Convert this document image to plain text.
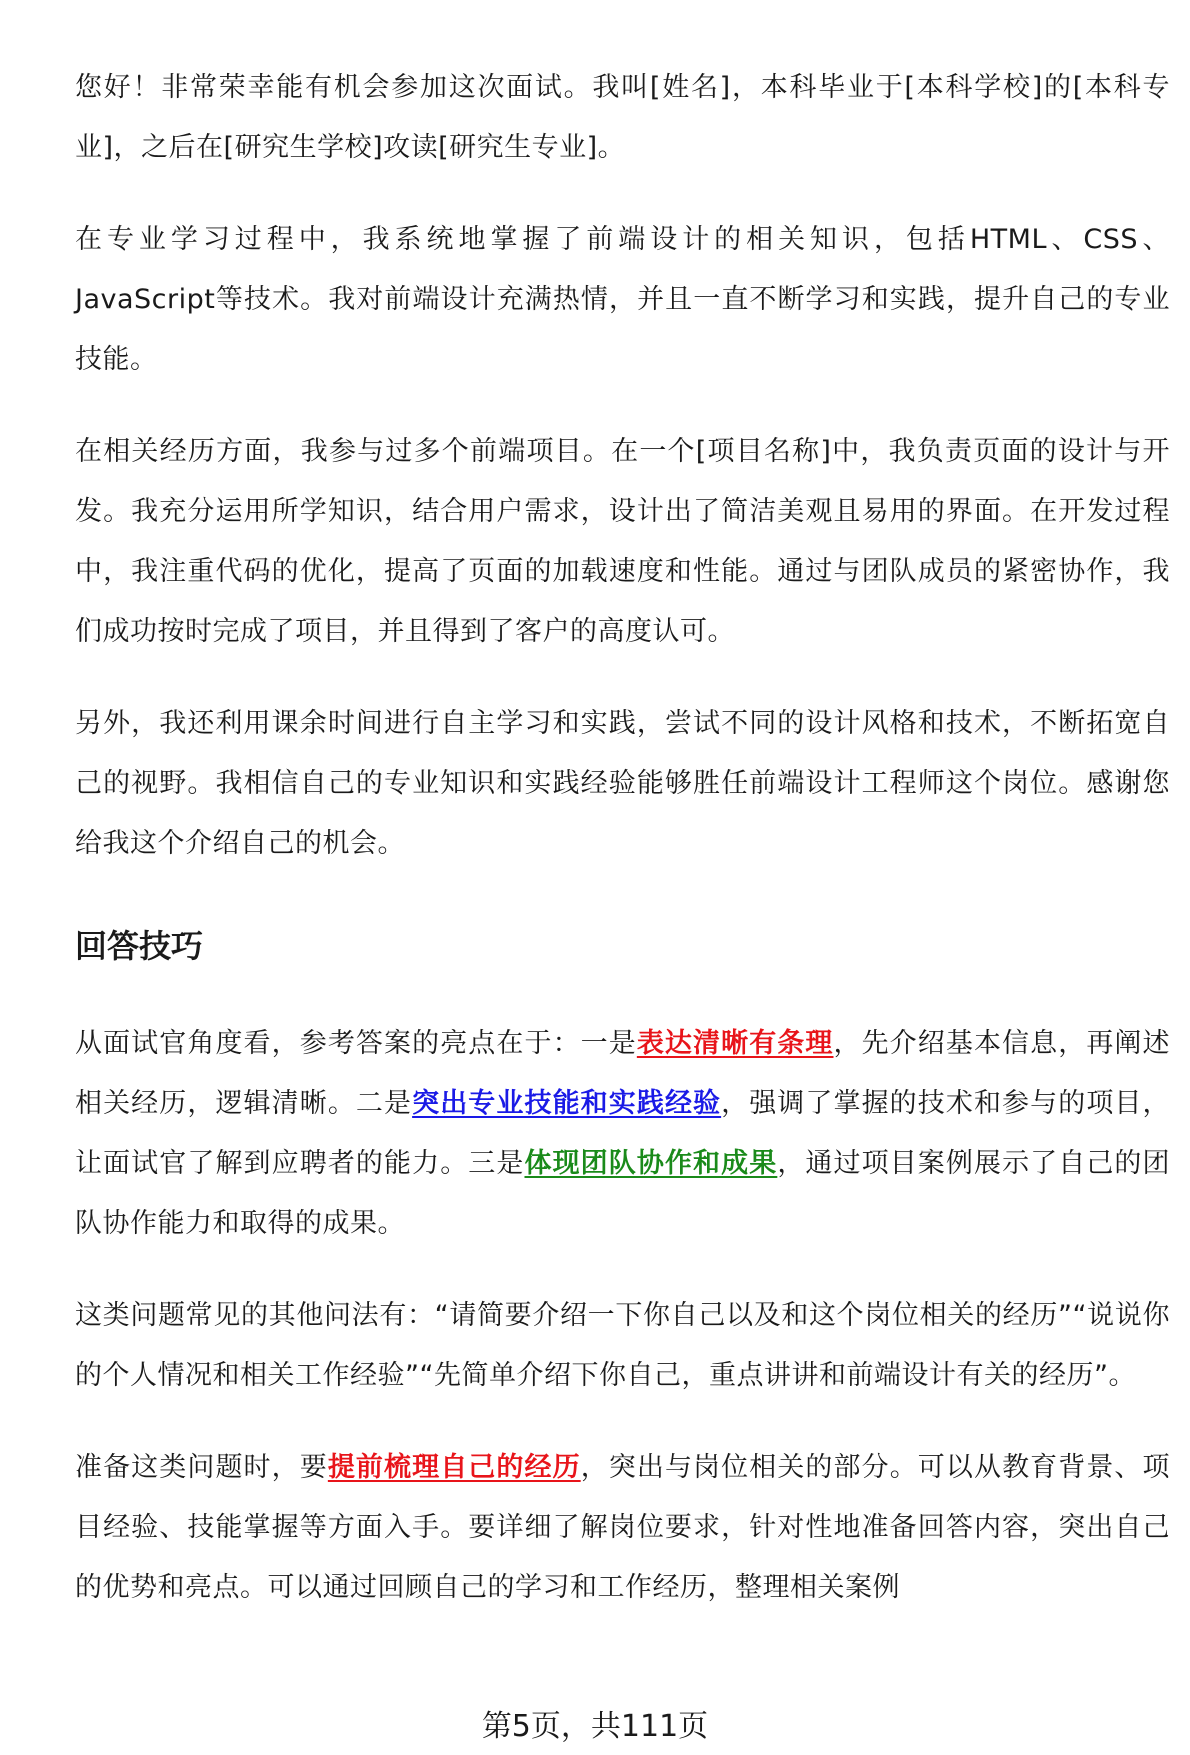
您好！非常荣幸能有机会参加这次面试。我叫[姓名]，本科毕业于[本科学校]的[本科专业]，之后在[研究生学校]攻读[研究生专业]。

在专业学习过程中，我系统地掌握了前端设计的相关知识，包括HTML、CSS、JavaScript等技术。我对前端设计充满热情，并且一直不断学习和实践，提升自己的专业技能。

在相关经历方面，我参与过多个前端项目。在一个[项目名称]中，我负责页面的设计与开发。我充分运用所学知识，结合用户需求，设计出了简洁美观且易用的界面。在开发过程中，我注重代码的优化，提高了页面的加载速度和性能。通过与团队成员的紧密协作，我们成功按时完成了项目，并且得到了客户的高度认可。

另外，我还利用课余时间进行自主学习和实践，尝试不同的设计风格和技术，不断拓宽自己的视野。我相信自己的专业知识和实践经验能够胜任前端设计工程师这个岗位。感谢您给我这个介绍自己的机会。

回答技巧

从面试官角度看，参考答案的亮点在于：一是表达清晰有条理，先介绍基本信息，再阐述相关经历，逻辑清晰。二是突出专业技能和实践经验，强调了掌握的技术和参与的项目，让面试官了解到应聘者的能力。三是体现团队协作和成果，通过项目案例展示了自己的团队协作能力和取得的成果。

这类问题常见的其他问法有：“请简要介绍一下你自己以及和这个岗位相关的经历”“说说你的个人情况和相关工作经验”“先简单介绍下你自己，重点讲讲和前端设计有关的经历”。

准备这类问题时，要提前梳理自己的经历，突出与岗位相关的部分。可以从教育背景、项目经验、技能掌握等方面入手。要详细了解岗位要求，针对性地准备回答内容，突出自己的优势和亮点。可以通过回顾自己的学习和工作经历，整理相关案例

第5页，共111页
